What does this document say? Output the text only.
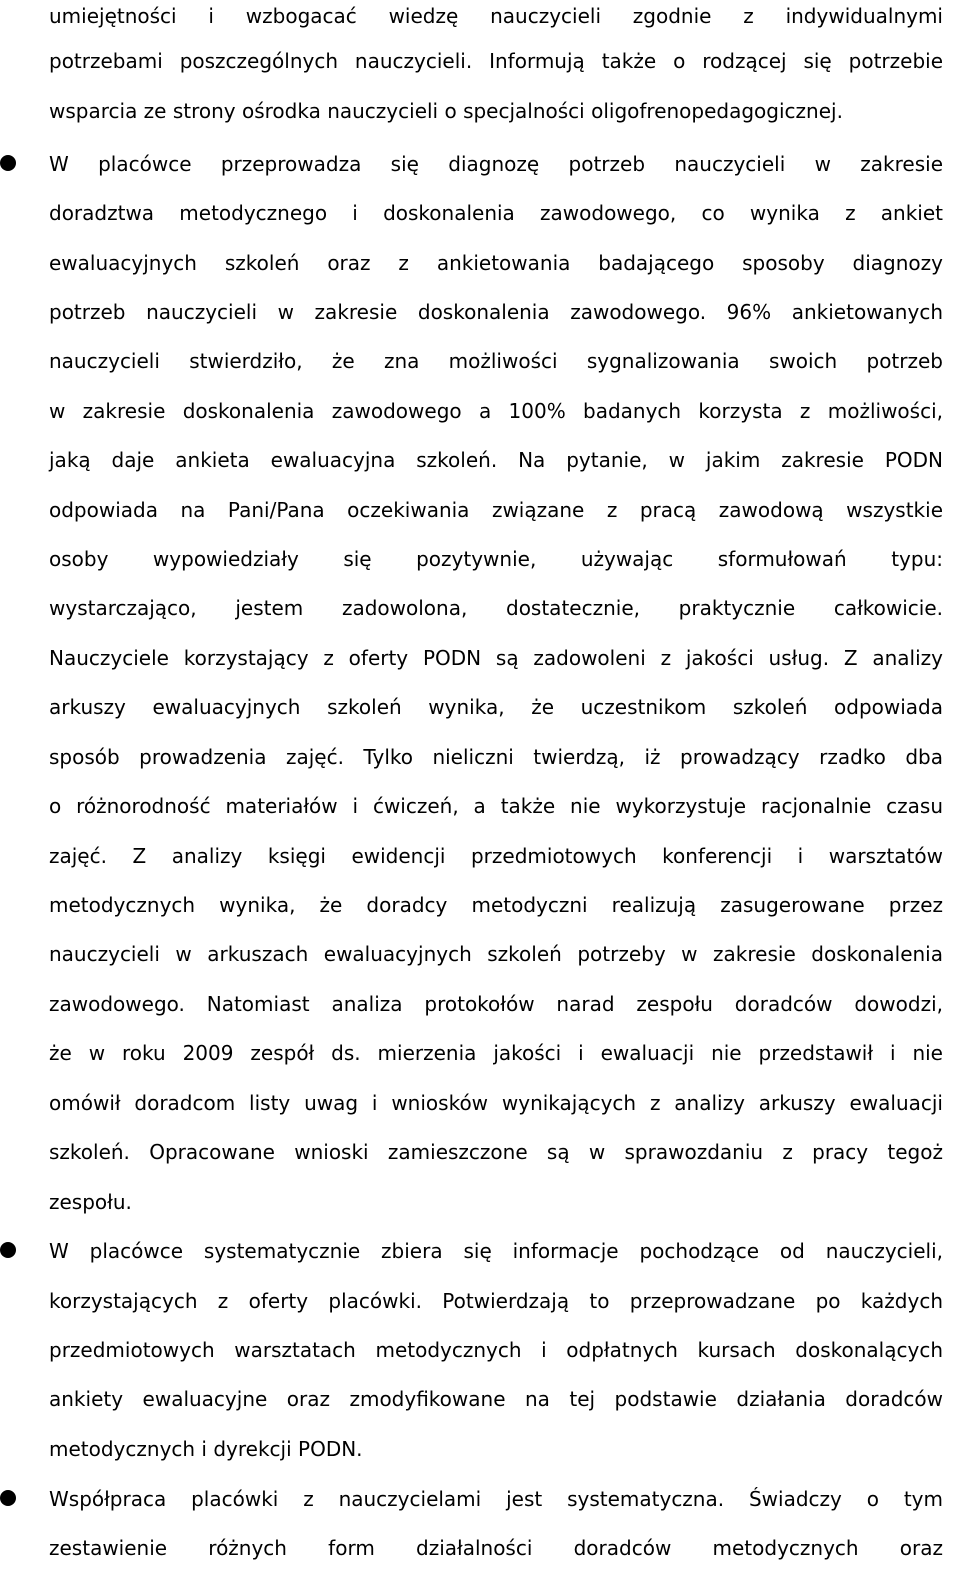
umiejętności i wzbogacać wiedzę nauczycieli zgodnie z indywidualnymi
potrzebami poszczególnych nauczycieli. Informują także o rodzącej się potrzebie
wsparcia ze strony ośrodka nauczycieli o specjalności oligofrenopedagogicznej.
W placówce przeprowadza się diagnozę potrzeb nauczycieli w zakresie
doradztwa metodycznego i doskonalenia zawodowego, co wynika z ankiet
ewaluacyjnych szkoleń oraz z ankietowania badającego sposoby diagnozy
potrzeb nauczycieli w zakresie doskonalenia zawodowego. 96% ankietowanych
nauczycieli stwierdziło, że zna możliwości sygnalizowania swoich potrzeb
w zakresie doskonalenia zawodowego a 100% badanych korzysta z możliwości,
jaką daje ankieta ewaluacyjna szkoleń. Na pytanie, w jakim zakresie PODN
odpowiada na Pani/Pana oczekiwania związane z pracą zawodową wszystkie
osoby wypowiedziały się pozytywnie, używając sformułowań typu:
wystarczająco, jestem zadowolona, dostatecznie, praktycznie całkowicie.
Nauczyciele korzystający z oferty PODN są zadowoleni z jakości usług. Z analizy
arkuszy ewaluacyjnych szkoleń wynika, że uczestnikom szkoleń odpowiada
sposób prowadzenia zajęć. Tylko nieliczni twierdzą, iż prowadzący rzadko dba
o różnorodność materiałów i ćwiczeń, a także nie wykorzystuje racjonalnie czasu
zajęć. Z analizy księgi ewidencji przedmiotowych konferencji i warsztatów
metodycznych wynika, że doradcy metodyczni realizują zasugerowane przez
nauczycieli w arkuszach ewaluacyjnych szkoleń potrzeby w zakresie doskonalenia
zawodowego. Natomiast analiza protokołów narad zespołu doradców dowodzi,
że w roku 2009 zespół ds. mierzenia jakości i ewaluacji nie przedstawił i nie
omówił doradcom listy uwag i wniosków wynikających z analizy arkuszy ewaluacji
szkoleń. Opracowane wnioski zamieszczone są w sprawozdaniu z pracy tegoż
zespołu.
W placówce systematycznie zbiera się informacje pochodzące od nauczycieli,
korzystających z oferty placówki. Potwierdzają to przeprowadzane po każdych
przedmiotowych warsztatach metodycznych i odpłatnych kursach doskonalących
ankiety ewaluacyjne oraz zmodyfikowane na tej podstawie działania doradców
metodycznych i dyrekcji PODN.
Współpraca placówki z nauczycielami jest systematyczna. Świadczy o tym
zestawienie różnych form działalności doradców metodycznych oraz
